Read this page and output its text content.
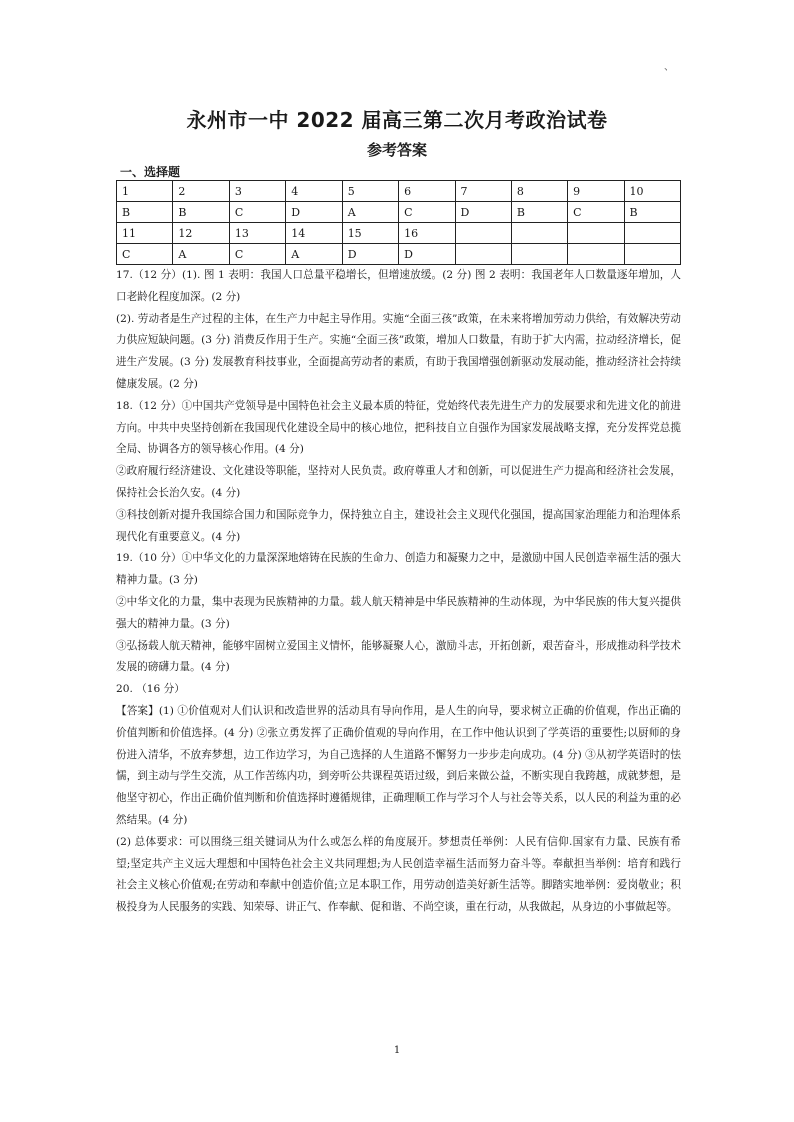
、
永州市一中 2022 届高三第二次月考政治试卷
参考答案
一、选择题
1	2	3	4	5	6	7	8	9	10
B	B	C	D	A	C	D	B	C	B
11	12	13	14	15	16				
C	A	C	A	D	D				

17.（12 分）(1). 图 1 表明：我国人口总量平稳增长，但增速放缓。(2 分) 图 2 表明：我国老年人口数量逐年增加，人口老龄化程度加深。(2 分)

(2). 劳动者是生产过程的主体，在生产力中起主导作用。实施“全面三孩”政策，在未来将增加劳动力供给，有效解决劳动力供应短缺问题。(3 分) 消费反作用于生产。实施“全面三孩”政策，增加人口数量，有助于扩大内需，拉动经济增长，促进生产发展。(3 分) 发展教育科技事业，全面提高劳动者的素质，有助于我国增强创新驱动发展动能，推动经济社会持续健康发展。(2 分)

18.（12 分）①中国共产党领导是中国特色社会主义最本质的特征，党始终代表先进生产力的发展要求和先进文化的前进方向。中共中央坚持创新在我国现代化建设全局中的核心地位，把科技自立自强作为国家发展战略支撑，充分发挥党总揽全局、协调各方的领导核心作用。(4 分)

②政府履行经济建设、文化建设等职能，坚持对人民负责。政府尊重人才和创新，可以促进生产力提高和经济社会发展，保持社会长治久安。(4 分)

③科技创新对提升我国综合国力和国际竞争力，保持独立自主，建设社会主义现代化强国，提高国家治理能力和治理体系现代化有重要意义。(4 分)

19.（10 分）①中华文化的力量深深地熔铸在民族的生命力、创造力和凝聚力之中，是激励中国人民创造幸福生活的强大精神力量。(3 分)

②中华文化的力量，集中表现为民族精神的力量。载人航天精神是中华民族精神的生动体现，为中华民族的伟大复兴提供强大的精神力量。(3 分)

③弘扬载人航天精神，能够牢固树立爱国主义情怀，能够凝聚人心，激励斗志，开拓创新，艰苦奋斗，形成推动科学技术发展的磅礴力量。(4 分)

20. （16 分）

【答案】(1) ①价值观对人们认识和改造世界的活动具有导向作用，是人生的向导，要求树立正确的价值观，作出正确的价值判断和价值选择。(4 分) ②张立勇发挥了正确价值观的导向作用，在工作中他认识到了学英语的重要性;以厨师的身份进入清华，不放弃梦想，边工作边学习，为自己选择的人生道路不懈努力一步步走向成功。(4 分) ③从初学英语时的怯懦，到主动与学生交流，从工作苦练内功，到旁听公共课程英语过级，到后来做公益，不断实现自我跨越，成就梦想，是他坚守初心，作出正确价值判断和价值选择时遵循规律，正确理顺工作与学习个人与社会等关系，以人民的利益为重的必然结果。(4 分)

(2) 总体要求：可以围绕三组关键词从为什么或怎么样的角度展开。梦想责任举例：人民有信仰.国家有力量、民族有希望;坚定共产主义远大理想和中国特色社会主义共同理想;为人民创造幸福生活而努力奋斗等。奉献担当举例：培育和践行社会主义核心价值观;在劳动和奉献中创造价值;立足本职工作，用劳动创造美好新生活等。脚踏实地举例：爱岗敬业；积极投身为人民服务的实践、知荣辱、讲正气、作奉献、促和谐、不尚空谈，重在行动，从我做起，从身边的小事做起等。

1
